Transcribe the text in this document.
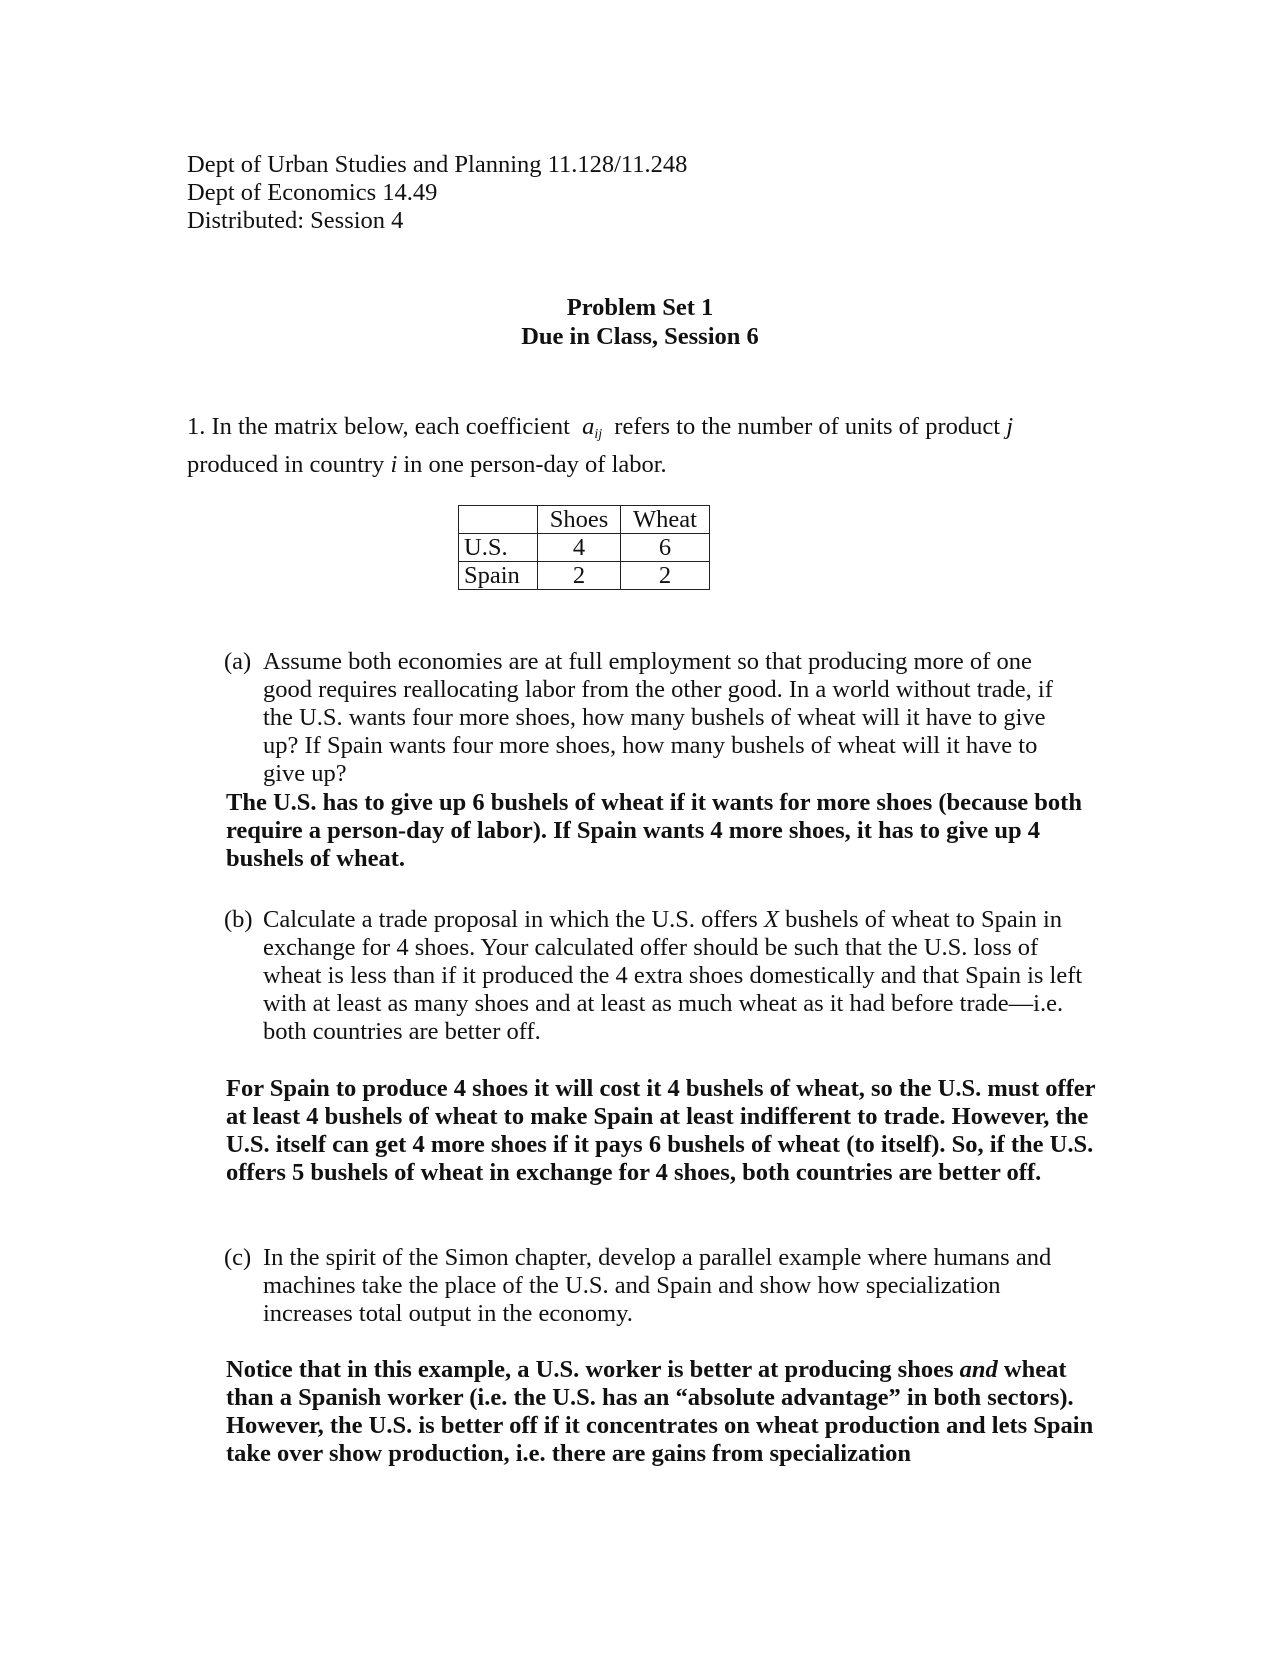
Dept of Urban Studies and Planning 11.128/11.248
Dept of Economics 14.49
Distributed: Session 4
Problem Set 1
Due in Class, Session 6
1. In the matrix below, each coefficient $a_{ij}$ refers to the number of units of product j
produced in country i in one person-day of labor.
	Shoes	Wheat
U.S.	4	6
Spain	2	2
(a) Assume both economies are at full employment so that producing more of one good requires reallocating labor from the other good. In a world without trade, if the U.S. wants four more shoes, how many bushels of wheat will it have to give up? If Spain wants four more shoes, how many bushels of wheat will it have to give up?
The U.S. has to give up 6 bushels of wheat if it wants for more shoes (because both require a person-day of labor). If Spain wants 4 more shoes, it has to give up 4 bushels of wheat.
(b) Calculate a trade proposal in which the U.S. offers X bushels of wheat to Spain in exchange for 4 shoes. Your calculated offer should be such that the U.S. loss of wheat is less than if it produced the 4 extra shoes domestically and that Spain is left with at least as many shoes and at least as much wheat as it had before trade—i.e. both countries are better off.
For Spain to produce 4 shoes it will cost it 4 bushels of wheat, so the U.S. must offer at least 4 bushels of wheat to make Spain at least indifferent to trade. However, the U.S. itself can get 4 more shoes if it pays 6 bushels of wheat (to itself). So, if the U.S. offers 5 bushels of wheat in exchange for 4 shoes, both countries are better off.
(c) In the spirit of the Simon chapter, develop a parallel example where humans and machines take the place of the U.S. and Spain and show how specialization increases total output in the economy.
Notice that in this example, a U.S. worker is better at producing shoes and wheat than a Spanish worker (i.e. the U.S. has an “absolute advantage” in both sectors). However, the U.S. is better off if it concentrates on wheat production and lets Spain take over show production, i.e. there are gains from specialization
